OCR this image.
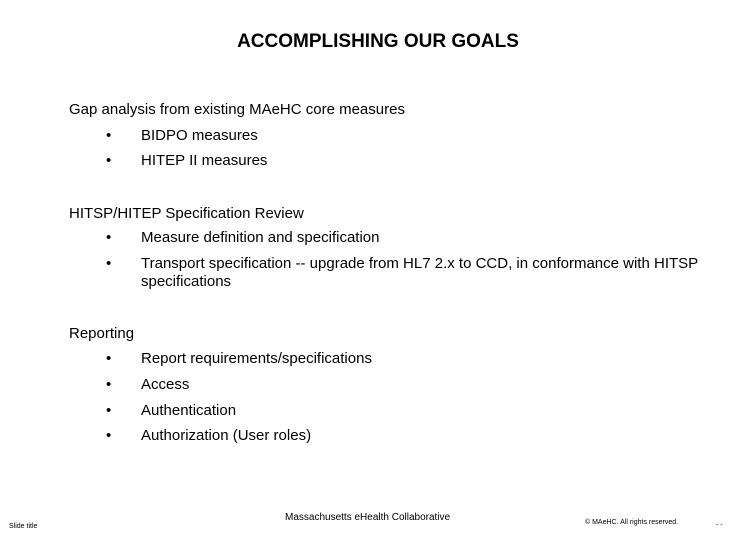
ACCOMPLISHING OUR GOALS
Gap analysis from existing MAeHC core measures
•	BIDPO measures
•	HITEP II measures
HITSP/HITEP Specification Review
•	Measure definition and specification
•	Transport specification -- upgrade from HL7 2.x to CCD, in conformance with HITSP specifications
Reporting
•	Report requirements/specifications
•	Access
•	Authentication
•	Authorization (User roles)
Slide title
Massachusetts eHealth Collaborative	© MAeHC. All rights reserved.	- -
